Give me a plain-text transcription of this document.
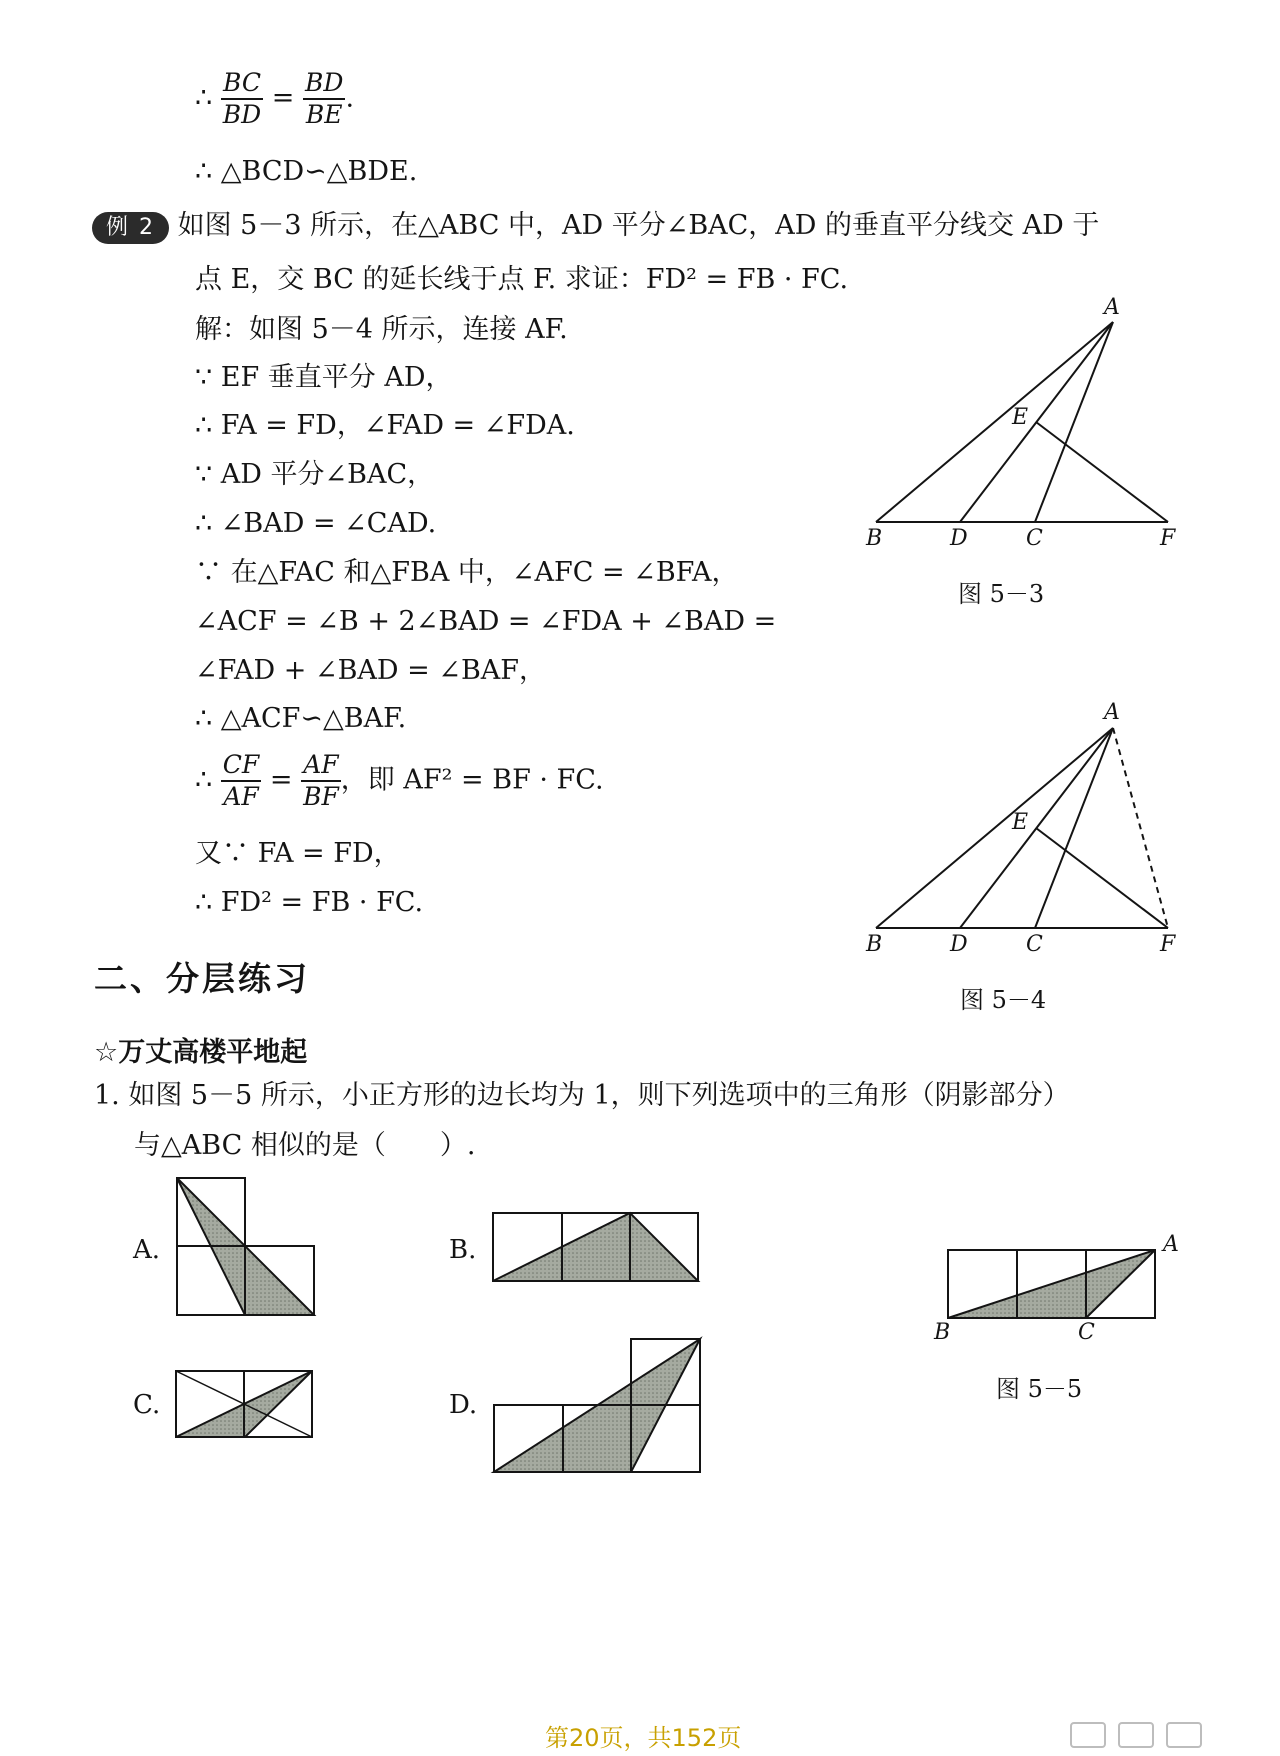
∴ $\frac{BC}{BD} = \frac{BD}{BE}$ .
∴ △BCD∽△BDE.
例 2 如图 5－3 所示，在△ABC 中，AD 平分∠BAC，AD 的垂直平分线交 AD 于
点 E，交 BC 的延长线于点 F. 求证：FD² = FB · FC.
解：如图 5－4 所示，连接 AF.
∵ EF 垂直平分 AD，
∴ FA = FD，∠FAD = ∠FDA.
∵ AD 平分∠BAC，
∴ ∠BAD = ∠CAD.
∵ 在△FAC 和△FBA 中，∠AFC = ∠BFA，
∠ACF = ∠B + 2∠BAD = ∠FDA + ∠BAD =
∠FAD + ∠BAD = ∠BAF，
∴ △ACF∽△BAF.
∴ $\frac{CF}{AF} = \frac{AF}{BF}$ ，即 AF² = BF · FC.
又∵ FA = FD，
∴ FD² = FB · FC.
A
E
B	D	C	F
图 5－3
A
E
B	D	C	F
图 5－4
二、分层练习
☆万丈高楼平地起
1. 如图 5－5 所示，小正方形的边长均为 1，则下列选项中的三角形（阴影部分）
与△ABC 相似的是（　　）.
A.	B.
C.	D.
A
B	C
图 5－5
第20页，共152页
